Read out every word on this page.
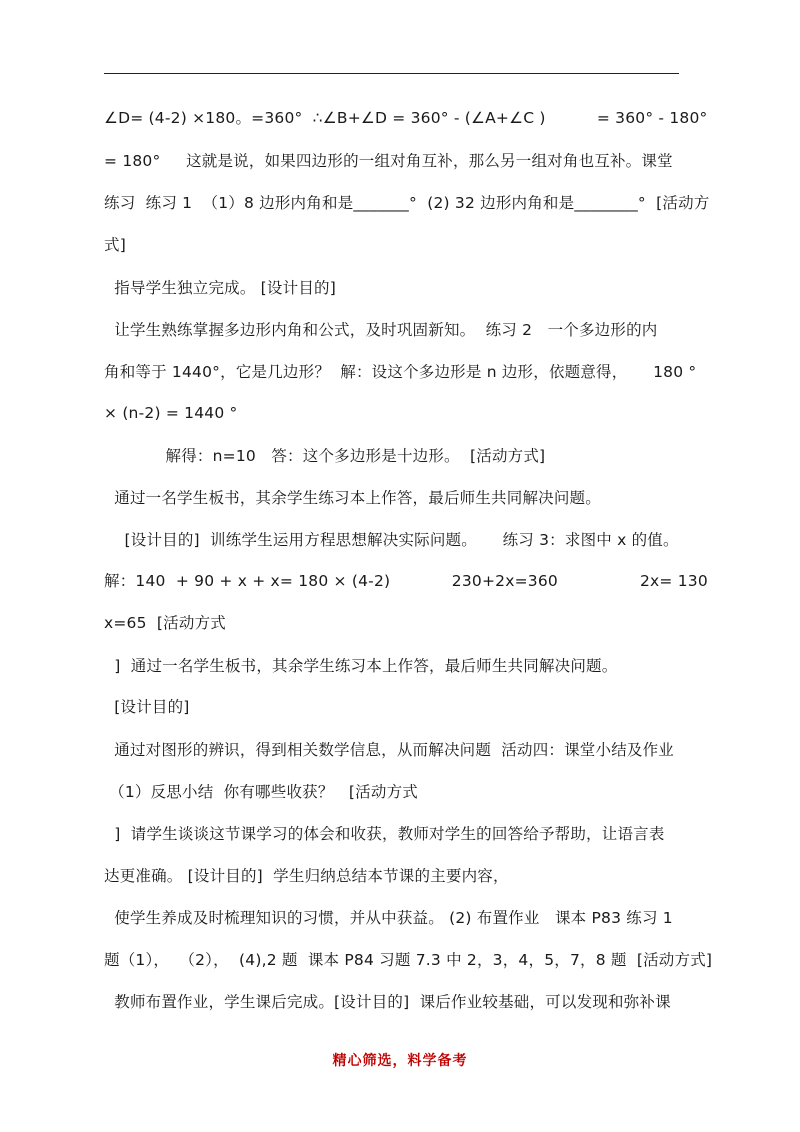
∠D= (4-2) ×180。=360°  ∴∠B+∠D = 360° - (∠A+∠C )          = 360° - 180°
= 180°     这就是说，如果四边形的一组对角互补，那么另一组对角也互补。课堂
练习  练习 1  （1）8 边形内角和是_______°  (2) 32 边形内角和是________°  [活动方
式]
指导学生独立完成。 [设计目的]
让学生熟练掌握多边形内角和公式，及时巩固新知。  练习 2   一个多边形的内
角和等于 1440°，它是几边形？  解：设这个多边形是 n 边形，依题意得，     180 °
× (n-2) = 1440 °
解得：n=10   答：这个多边形是十边形。  [活动方式]
通过一名学生板书，其余学生练习本上作答，最后师生共同解决问题。
[设计目的]  训练学生运用方程思想解决实际问题。     练习 3：求图中 x 的值。
解：140  + 90 + x + x= 180 × (4-2)            230+2x=360                2x= 130
x=65  [活动方式
]  通过一名学生板书，其余学生练习本上作答，最后师生共同解决问题。
[设计目的]
通过对图形的辨识，得到相关数学信息，从而解决问题  活动四：课堂小结及作业
（1）反思小结  你有哪些收获？   [活动方式
]  请学生谈谈这节课学习的体会和收获，教师对学生的回答给予帮助，让语言表
达更准确。 [设计目的]  学生归纳总结本节课的主要内容，
使学生养成及时梳理知识的习惯，并从中获益。 (2) 布置作业   课本 P83 练习 1
题（1），  （2），  (4),2 题  课本 P84 习题 7.3 中 2，3，4，5，7，8 题  [活动方式]
教师布置作业，学生课后完成。[设计目的]  课后作业较基础，可以发现和弥补课
精心筛选，料学备考
